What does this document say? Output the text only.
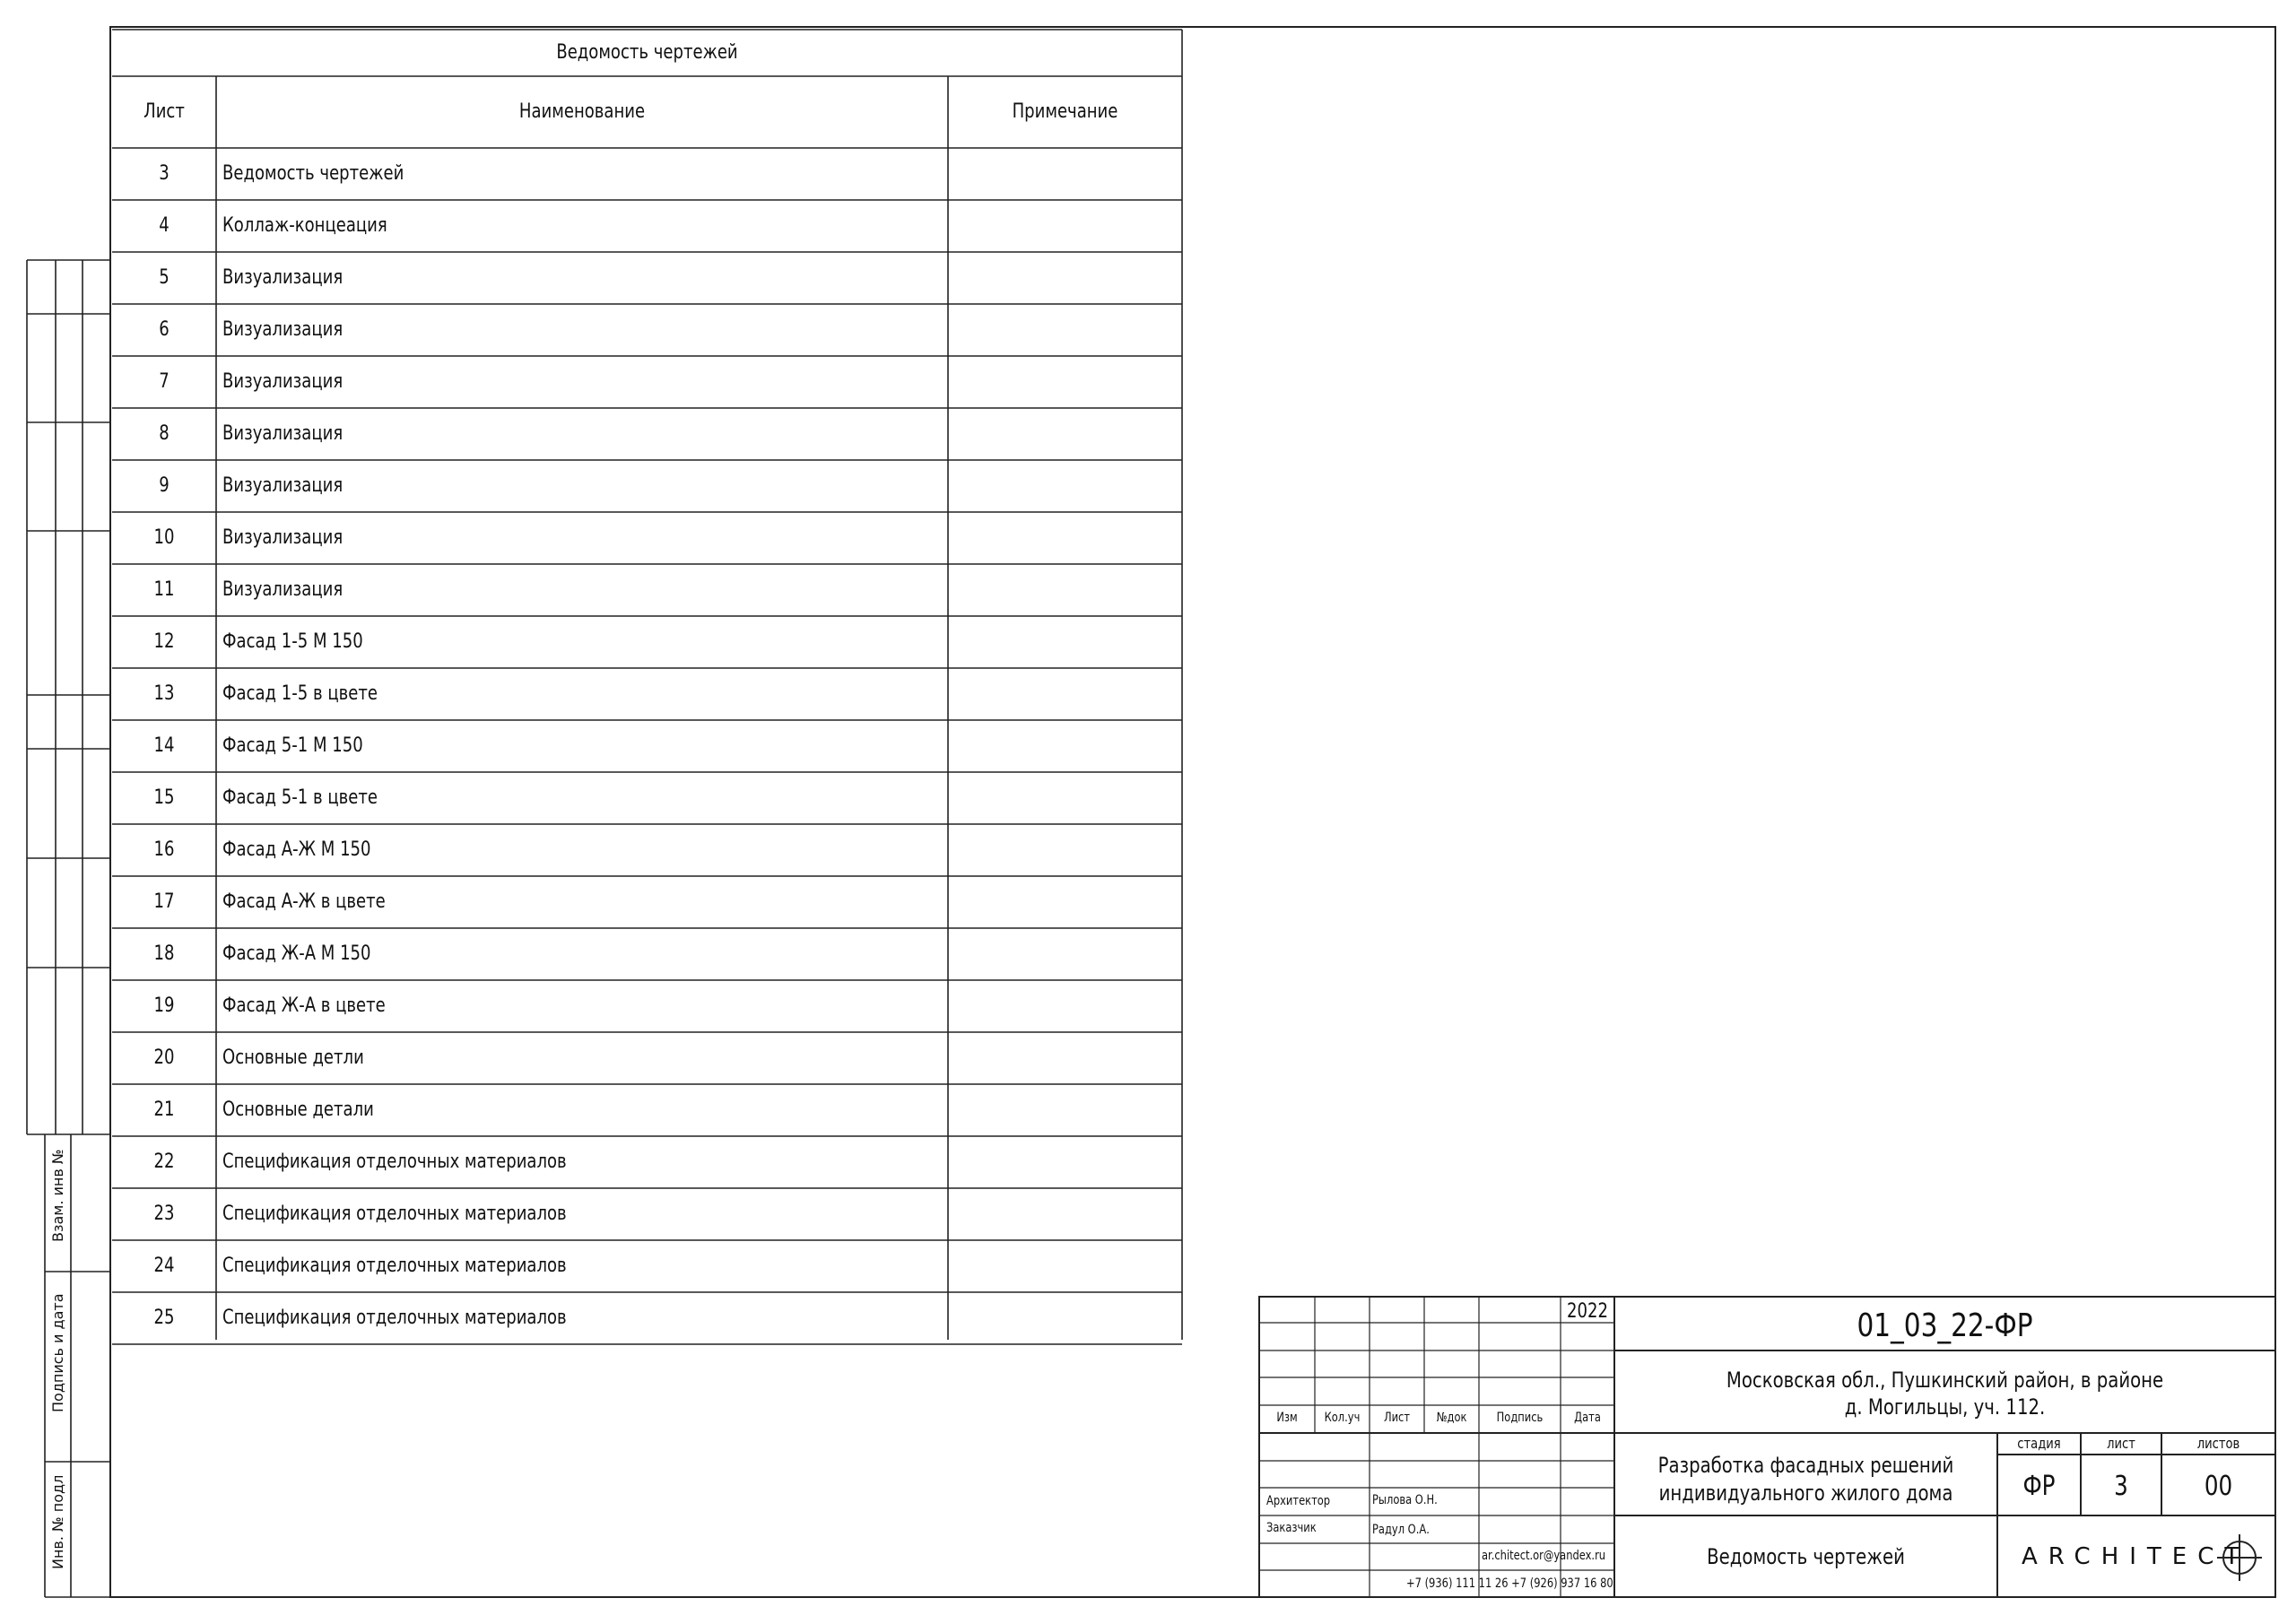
Ведомость чертежей
Лист	Наименование	Примечание
3	Ведомость чертежей
4	Коллаж-концеация
5	Визуализация
6	Визуализация
7	Визуализация
8	Визуализация
9	Визуализация
10	Визуализация
11	Визуализация
12	Фасад 1-5 М 150
13	Фасад 1-5 в цвете
14	Фасад 5-1 М 150
15	Фасад 5-1 в цвете
16	Фасад А-Ж М 150
17	Фасад А-Ж в цвете
18	Фасад Ж-А М 150
19	Фасад Ж-А в цвете
20	Основные детли
21	Основные детали
22	Спецификация отделочных материалов
23	Спецификация отделочных материалов
24	Спецификация отделочных материалов
25	Спецификация отделочных материалов
Взам. инв №
Подпись и дата
Инв. № подл
2022
Изм	Кол.уч	Лист	№док	Подпись	Дата
Архитектор	Рылова О.Н.
Заказчик	Радул О.А.
ar.chitect.or@yandex.ru
+7 (936) 111 11 26 +7 (926) 937 16 80
01_03_22-ФР
Московская обл., Пушкинский район, в районе
д. Могильцы, уч. 112.
Разработка фасадных решений
индивидуального жилого дома
Ведомость чертежей
стадия	лист	листов
ФР	3	00
ARCHITECT
